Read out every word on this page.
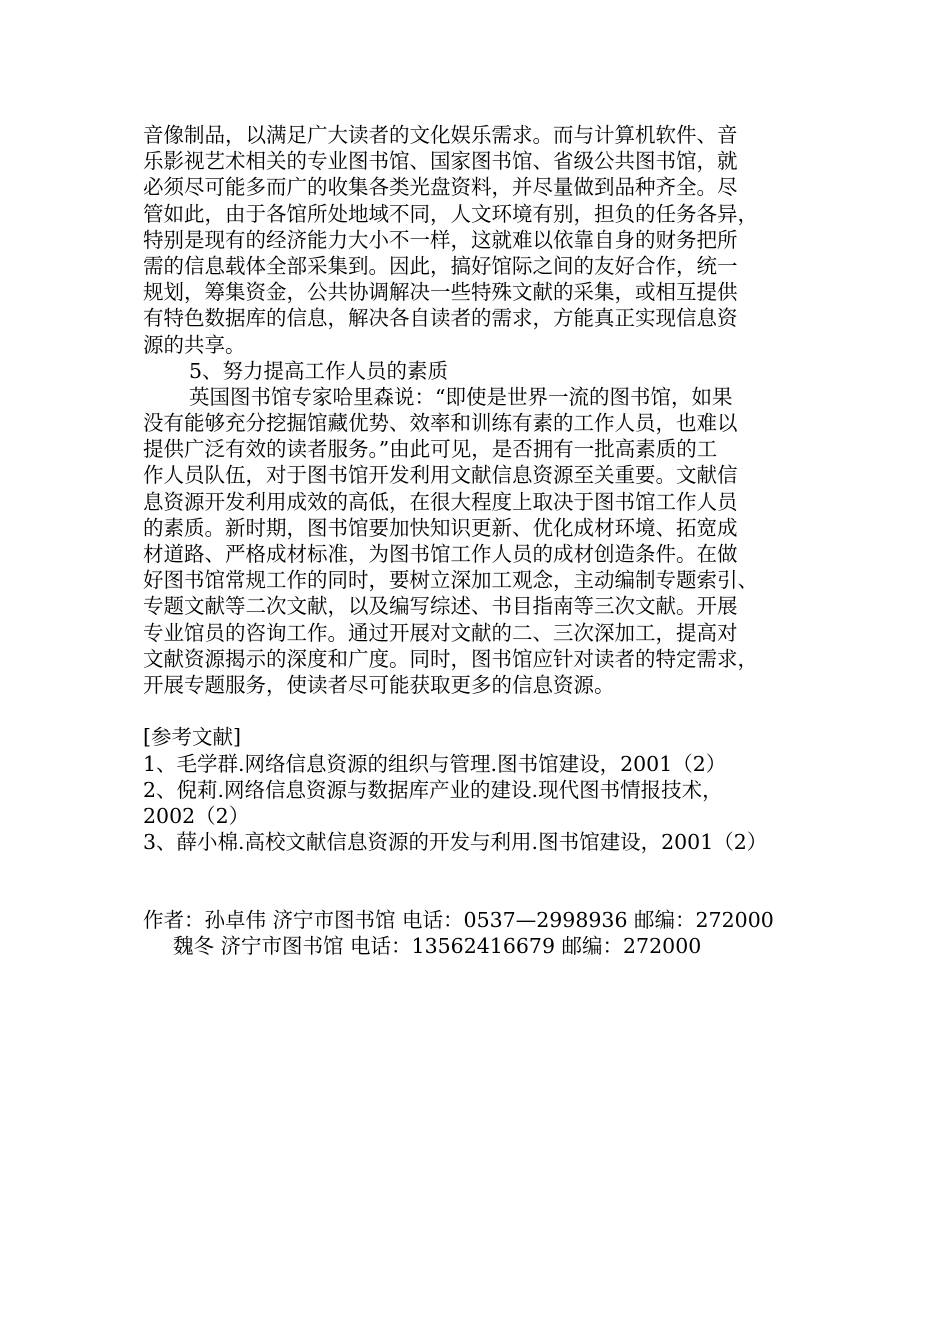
音像制品，以满足广大读者的文化娱乐需求。而与计算机软件、音
乐影视艺术相关的专业图书馆、国家图书馆、省级公共图书馆，就
必须尽可能多而广的收集各类光盘资料，并尽量做到品种齐全。尽
管如此，由于各馆所处地域不同，人文环境有别，担负的任务各异，
特别是现有的经济能力大小不一样，这就难以依靠自身的财务把所
需的信息载体全部采集到。因此，搞好馆际之间的友好合作，统一
规划，筹集资金，公共协调解决一些特殊文献的采集，或相互提供
有特色数据库的信息，解决各自读者的需求，方能真正实现信息资
源的共享。
5、努力提高工作人员的素质
英国图书馆专家哈里森说：“即使是世界一流的图书馆，如果
没有能够充分挖掘馆藏优势、效率和训练有素的工作人员，也难以
提供广泛有效的读者服务。”由此可见，是否拥有一批高素质的工
作人员队伍，对于图书馆开发利用文献信息资源至关重要。文献信
息资源开发利用成效的高低，在很大程度上取决于图书馆工作人员
的素质。新时期，图书馆要加快知识更新、优化成材环境、拓宽成
材道路、严格成材标准，为图书馆工作人员的成材创造条件。在做
好图书馆常规工作的同时，要树立深加工观念，主动编制专题索引、
专题文献等二次文献，以及编写综述、书目指南等三次文献。开展
专业馆员的咨询工作。通过开展对文献的二、三次深加工，提高对
文献资源揭示的深度和广度。同时，图书馆应针对读者的特定需求，
开展专题服务，使读者尽可能获取更多的信息资源。
[参考文献]
1、毛学群.网络信息资源的组织与管理.图书馆建设，2001（2）
2、倪莉.网络信息资源与数据库产业的建设.现代图书情报技术，
2002（2）
3、薛小棉.高校文献信息资源的开发与利用.图书馆建设，2001（2）
作者：孙卓伟 济宁市图书馆 电话：0537—2998936 邮编：272000
魏冬 济宁市图书馆 电话：13562416679 邮编：272000
